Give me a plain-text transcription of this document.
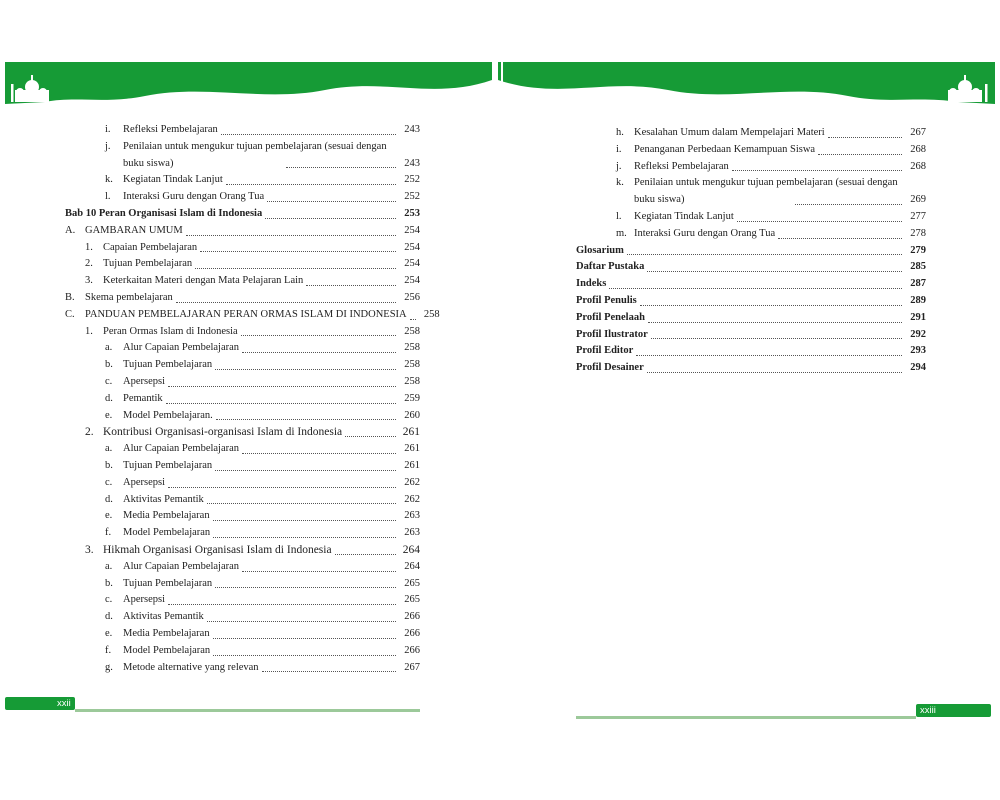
i.	Refleksi Pembelajaran	243
j.	Penilaian untuk mengukur tujuan pembelajaran (sesuai dengan
buku siswa)	243
k. Kegiatan Tindak Lanjut	252
l.	Interaksi Guru dengan Orang Tua	252
Bab 10 Peran Organisasi Islam di Indonesia	253
A. GAMBARAN UMUM	254
1. Capaian Pembelajaran	254
2. Tujuan Pembelajaran	254
3. Keterkaitan Materi dengan Mata Pelajaran Lain	254
B. Skema pembelajaran	256
C. PANDUAN PEMBELAJARAN PERAN ORMAS ISLAM DI INDONESIA	258
1. Peran Ormas Islam di Indonesia	258
a.	Alur Capaian Pembelajaran	258
b. Tujuan Pembelajaran	258
c.	Apersepsi	258
d. Pemantik	259
e.	Model Pembelajaran.	260
2. Kontribusi Organisasi-organisasi Islam di Indonesia	261
a.	Alur Capaian Pembelajaran	261
b. Tujuan Pembelajaran	261
c.	Apersepsi	262
d. Aktivitas Pemantik	262
e.	Media Pembelajaran	263
f.	Model Pembelajaran	263
3. Hikmah Organisasi Organisasi Islam di Indonesia	264
a.	Alur Capaian Pembelajaran	264
b. Tujuan Pembelajaran	265
c.	Apersepsi	265
d. Aktivitas Pemantik	266
e.	Media Pembelajaran	266
f.	Model Pembelajaran	266
g. Metode alternative yang relevan	267
xxii
h. Kesalahan Umum dalam Mempelajari Materi	267
i.	Penanganan Perbedaan Kemampuan Siswa	268
j.	Refleksi Pembelajaran	268
k. Penilaian untuk mengukur tujuan pembelajaran (sesuai dengan
buku siswa)	269
l.	Kegiatan Tindak Lanjut	277
m. Interaksi Guru dengan Orang Tua	278
Glosarium	279
Daftar Pustaka	285
Indeks	287
Profil Penulis	289
Profil Penelaah	291
Profil Ilustrator	292
Profil Editor	293
Profil Desainer	294
xxiii
